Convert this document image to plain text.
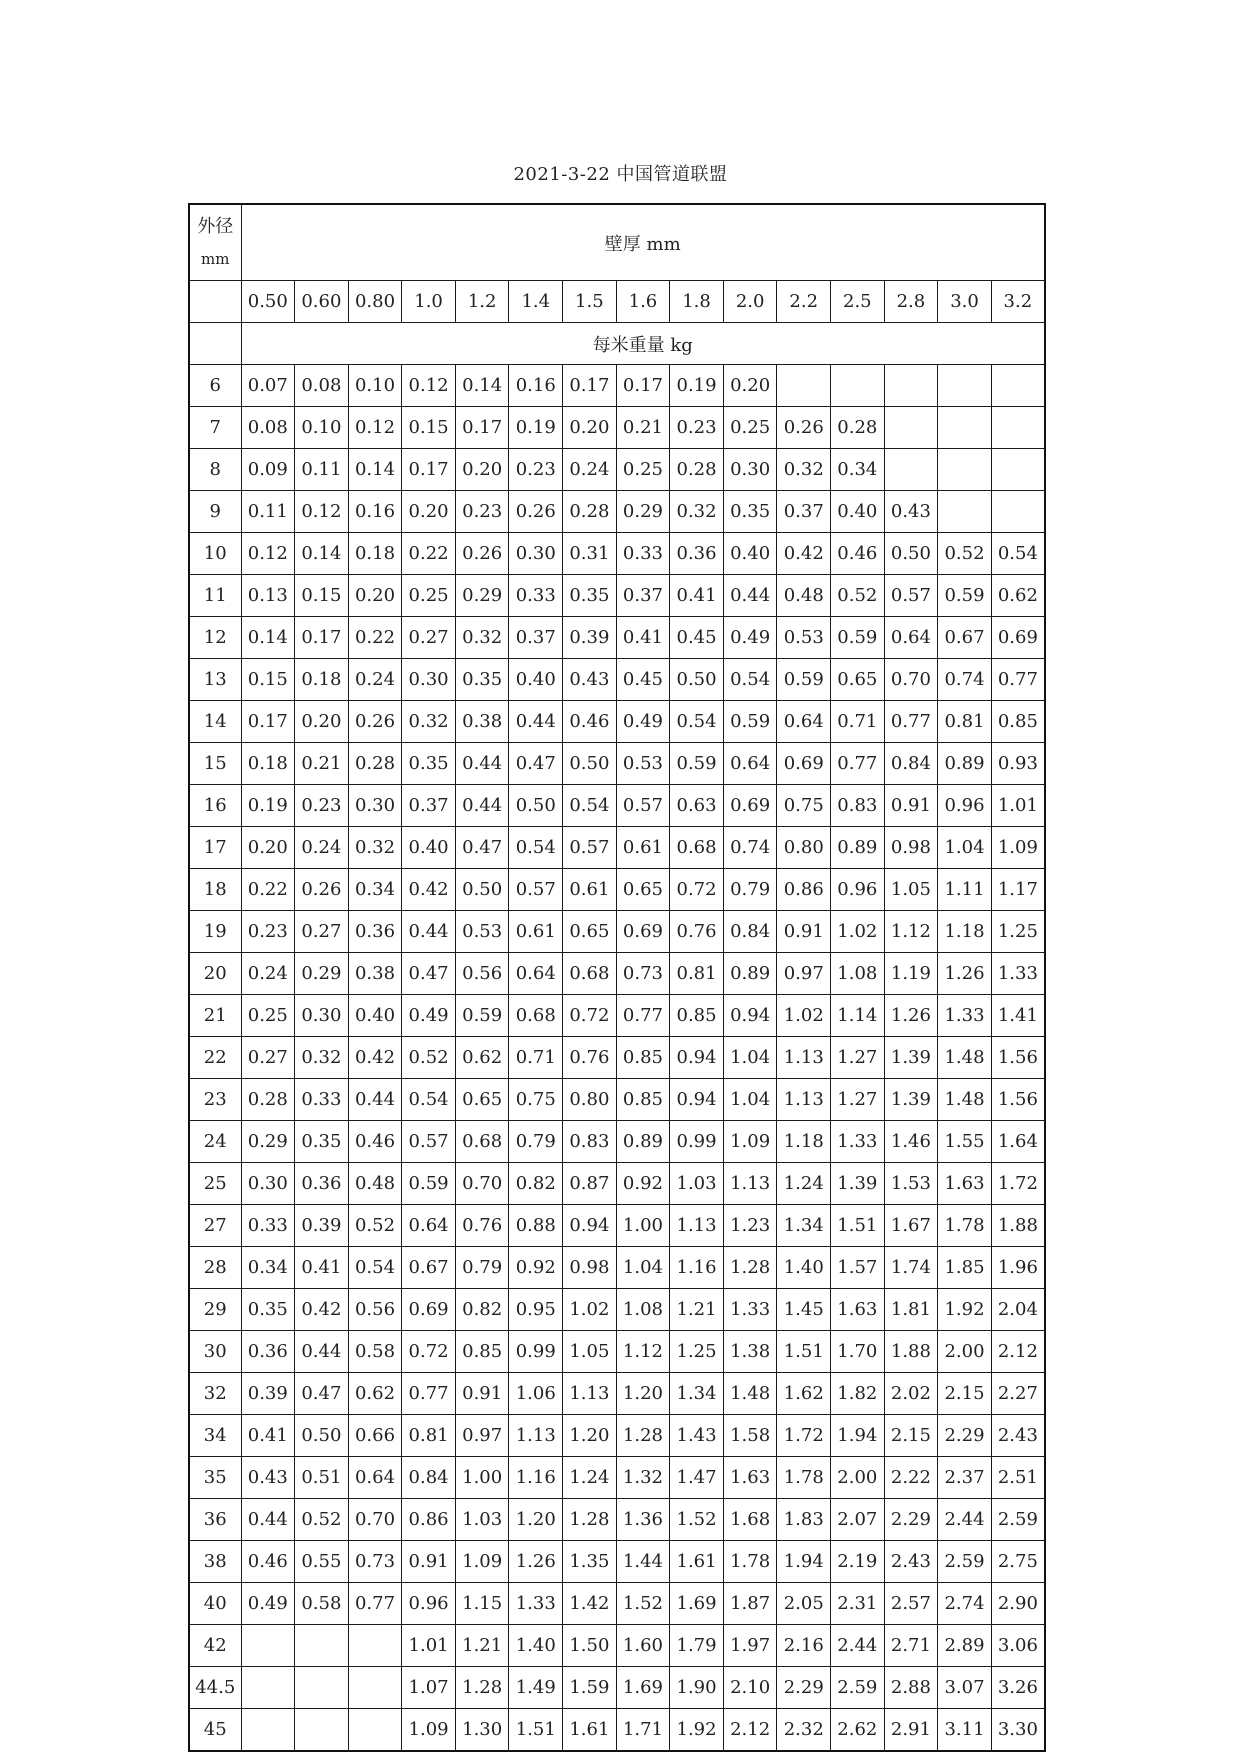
2021-3-22 中国管道联盟
外径
mm	壁厚 mm														
	0.50	0.60	0.80	1.0	1.2	1.4	1.5	1.6	1.8	2.0	2.2	2.5	2.8	3.0	3.2
	每米重量 kg														
6	0.07	0.08	0.10	0.12	0.14	0.16	0.17	0.17	0.19	0.20					
7	0.08	0.10	0.12	0.15	0.17	0.19	0.20	0.21	0.23	0.25	0.26	0.28			
8	0.09	0.11	0.14	0.17	0.20	0.23	0.24	0.25	0.28	0.30	0.32	0.34			
9	0.11	0.12	0.16	0.20	0.23	0.26	0.28	0.29	0.32	0.35	0.37	0.40	0.43		
10	0.12	0.14	0.18	0.22	0.26	0.30	0.31	0.33	0.36	0.40	0.42	0.46	0.50	0.52	0.54
11	0.13	0.15	0.20	0.25	0.29	0.33	0.35	0.37	0.41	0.44	0.48	0.52	0.57	0.59	0.62
12	0.14	0.17	0.22	0.27	0.32	0.37	0.39	0.41	0.45	0.49	0.53	0.59	0.64	0.67	0.69
13	0.15	0.18	0.24	0.30	0.35	0.40	0.43	0.45	0.50	0.54	0.59	0.65	0.70	0.74	0.77
14	0.17	0.20	0.26	0.32	0.38	0.44	0.46	0.49	0.54	0.59	0.64	0.71	0.77	0.81	0.85
15	0.18	0.21	0.28	0.35	0.44	0.47	0.50	0.53	0.59	0.64	0.69	0.77	0.84	0.89	0.93
16	0.19	0.23	0.30	0.37	0.44	0.50	0.54	0.57	0.63	0.69	0.75	0.83	0.91	0.96	1.01
17	0.20	0.24	0.32	0.40	0.47	0.54	0.57	0.61	0.68	0.74	0.80	0.89	0.98	1.04	1.09
18	0.22	0.26	0.34	0.42	0.50	0.57	0.61	0.65	0.72	0.79	0.86	0.96	1.05	1.11	1.17
19	0.23	0.27	0.36	0.44	0.53	0.61	0.65	0.69	0.76	0.84	0.91	1.02	1.12	1.18	1.25
20	0.24	0.29	0.38	0.47	0.56	0.64	0.68	0.73	0.81	0.89	0.97	1.08	1.19	1.26	1.33
21	0.25	0.30	0.40	0.49	0.59	0.68	0.72	0.77	0.85	0.94	1.02	1.14	1.26	1.33	1.41
22	0.27	0.32	0.42	0.52	0.62	0.71	0.76	0.85	0.94	1.04	1.13	1.27	1.39	1.48	1.56
23	0.28	0.33	0.44	0.54	0.65	0.75	0.80	0.85	0.94	1.04	1.13	1.27	1.39	1.48	1.56
24	0.29	0.35	0.46	0.57	0.68	0.79	0.83	0.89	0.99	1.09	1.18	1.33	1.46	1.55	1.64
25	0.30	0.36	0.48	0.59	0.70	0.82	0.87	0.92	1.03	1.13	1.24	1.39	1.53	1.63	1.72
27	0.33	0.39	0.52	0.64	0.76	0.88	0.94	1.00	1.13	1.23	1.34	1.51	1.67	1.78	1.88
28	0.34	0.41	0.54	0.67	0.79	0.92	0.98	1.04	1.16	1.28	1.40	1.57	1.74	1.85	1.96
29	0.35	0.42	0.56	0.69	0.82	0.95	1.02	1.08	1.21	1.33	1.45	1.63	1.81	1.92	2.04
30	0.36	0.44	0.58	0.72	0.85	0.99	1.05	1.12	1.25	1.38	1.51	1.70	1.88	2.00	2.12
32	0.39	0.47	0.62	0.77	0.91	1.06	1.13	1.20	1.34	1.48	1.62	1.82	2.02	2.15	2.27
34	0.41	0.50	0.66	0.81	0.97	1.13	1.20	1.28	1.43	1.58	1.72	1.94	2.15	2.29	2.43
35	0.43	0.51	0.64	0.84	1.00	1.16	1.24	1.32	1.47	1.63	1.78	2.00	2.22	2.37	2.51
36	0.44	0.52	0.70	0.86	1.03	1.20	1.28	1.36	1.52	1.68	1.83	2.07	2.29	2.44	2.59
38	0.46	0.55	0.73	0.91	1.09	1.26	1.35	1.44	1.61	1.78	1.94	2.19	2.43	2.59	2.75
40	0.49	0.58	0.77	0.96	1.15	1.33	1.42	1.52	1.69	1.87	2.05	2.31	2.57	2.74	2.90
42				1.01	1.21	1.40	1.50	1.60	1.79	1.97	2.16	2.44	2.71	2.89	3.06
44.5				1.07	1.28	1.49	1.59	1.69	1.90	2.10	2.29	2.59	2.88	3.07	3.26
45				1.09	1.30	1.51	1.61	1.71	1.92	2.12	2.32	2.62	2.91	3.11	3.30
